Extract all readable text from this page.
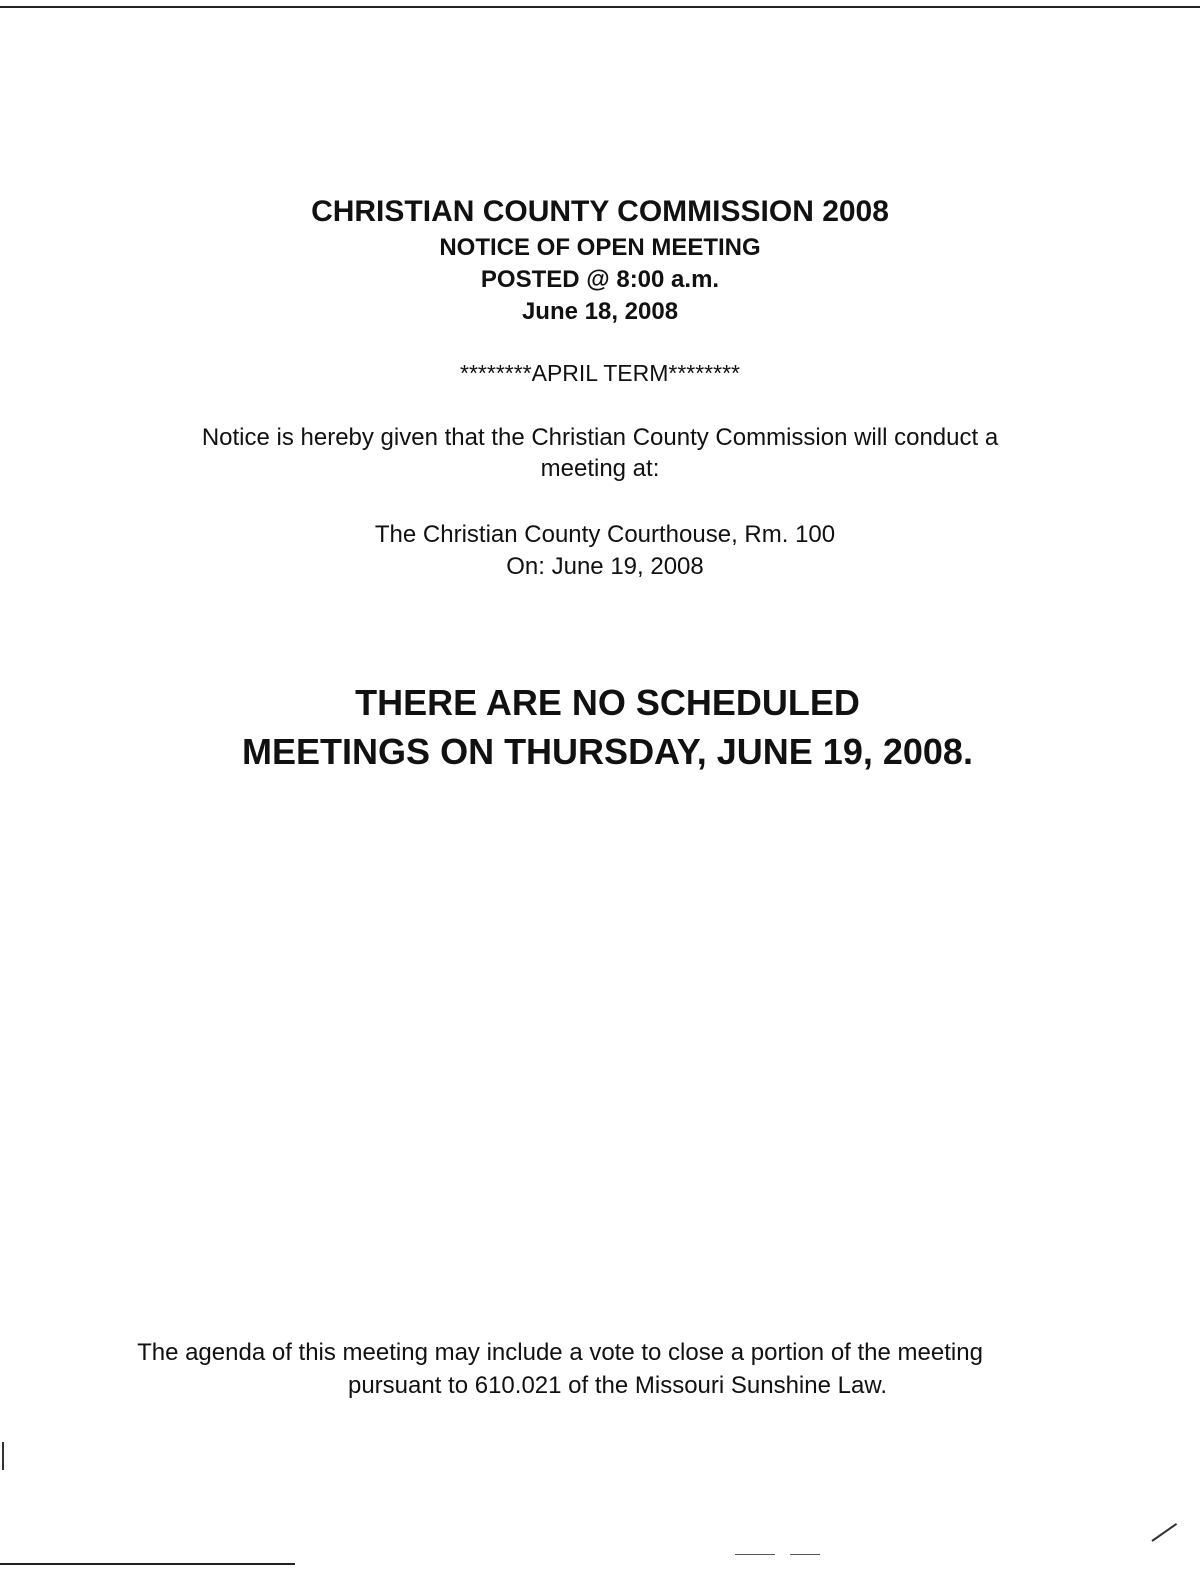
CHRISTIAN COUNTY COMMISSION 2008
NOTICE OF OPEN MEETING
POSTED @ 8:00 a.m.
June 18, 2008
********APRIL TERM********
Notice is hereby given that the Christian County Commission will conduct a
meeting at:
The Christian County Courthouse, Rm. 100
On: June 19, 2008
THERE ARE NO SCHEDULED
MEETINGS ON THURSDAY, JUNE 19, 2008.
The agenda of this meeting may include a vote to close a portion of the meeting
pursuant to 610.021 of the Missouri Sunshine Law.
